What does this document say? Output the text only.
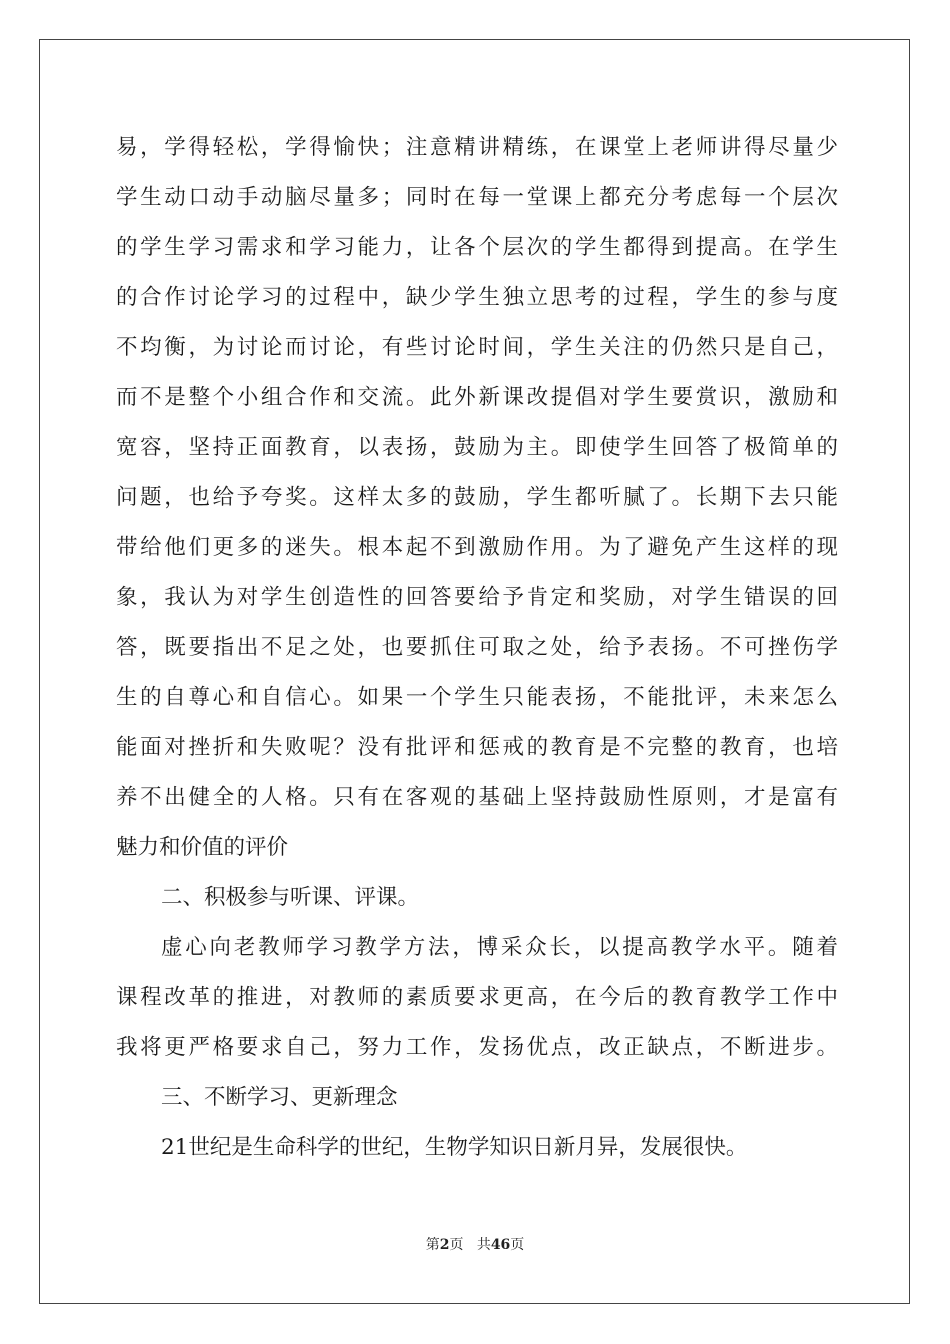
易，学得轻松，学得愉快；注意精讲精练，在课堂上老师讲得尽量少
学生动口动手动脑尽量多；同时在每一堂课上都充分考虑每一个层次
的学生学习需求和学习能力，让各个层次的学生都得到提高。在学生
的合作讨论学习的过程中，缺少学生独立思考的过程，学生的参与度
不均衡，为讨论而讨论，有些讨论时间，学生关注的仍然只是自己，
而不是整个小组合作和交流。此外新课改提倡对学生要赏识，激励和
宽容，坚持正面教育，以表扬，鼓励为主。即使学生回答了极简单的
问题，也给予夸奖。这样太多的鼓励，学生都听腻了。长期下去只能
带给他们更多的迷失。根本起不到激励作用。为了避免产生这样的现
象，我认为对学生创造性的回答要给予肯定和奖励，对学生错误的回
答，既要指出不足之处，也要抓住可取之处，给予表扬。不可挫伤学
生的自尊心和自信心。如果一个学生只能表扬，不能批评，未来怎么
能面对挫折和失败呢？没有批评和惩戒的教育是不完整的教育，也培
养不出健全的人格。只有在客观的基础上坚持鼓励性原则，才是富有
魅力和价值的评价
二、积极参与听课、评课。
虚心向老教师学习教学方法，博采众长，以提高教学水平。随着
课程改革的推进，对教师的素质要求更高，在今后的教育教学工作中
我将更严格要求自己，努力工作，发扬优点，改正缺点，不断进步。
三、不断学习、更新理念
21世纪是生命科学的世纪，生物学知识日新月异，发展很快。
第2页 共46页
